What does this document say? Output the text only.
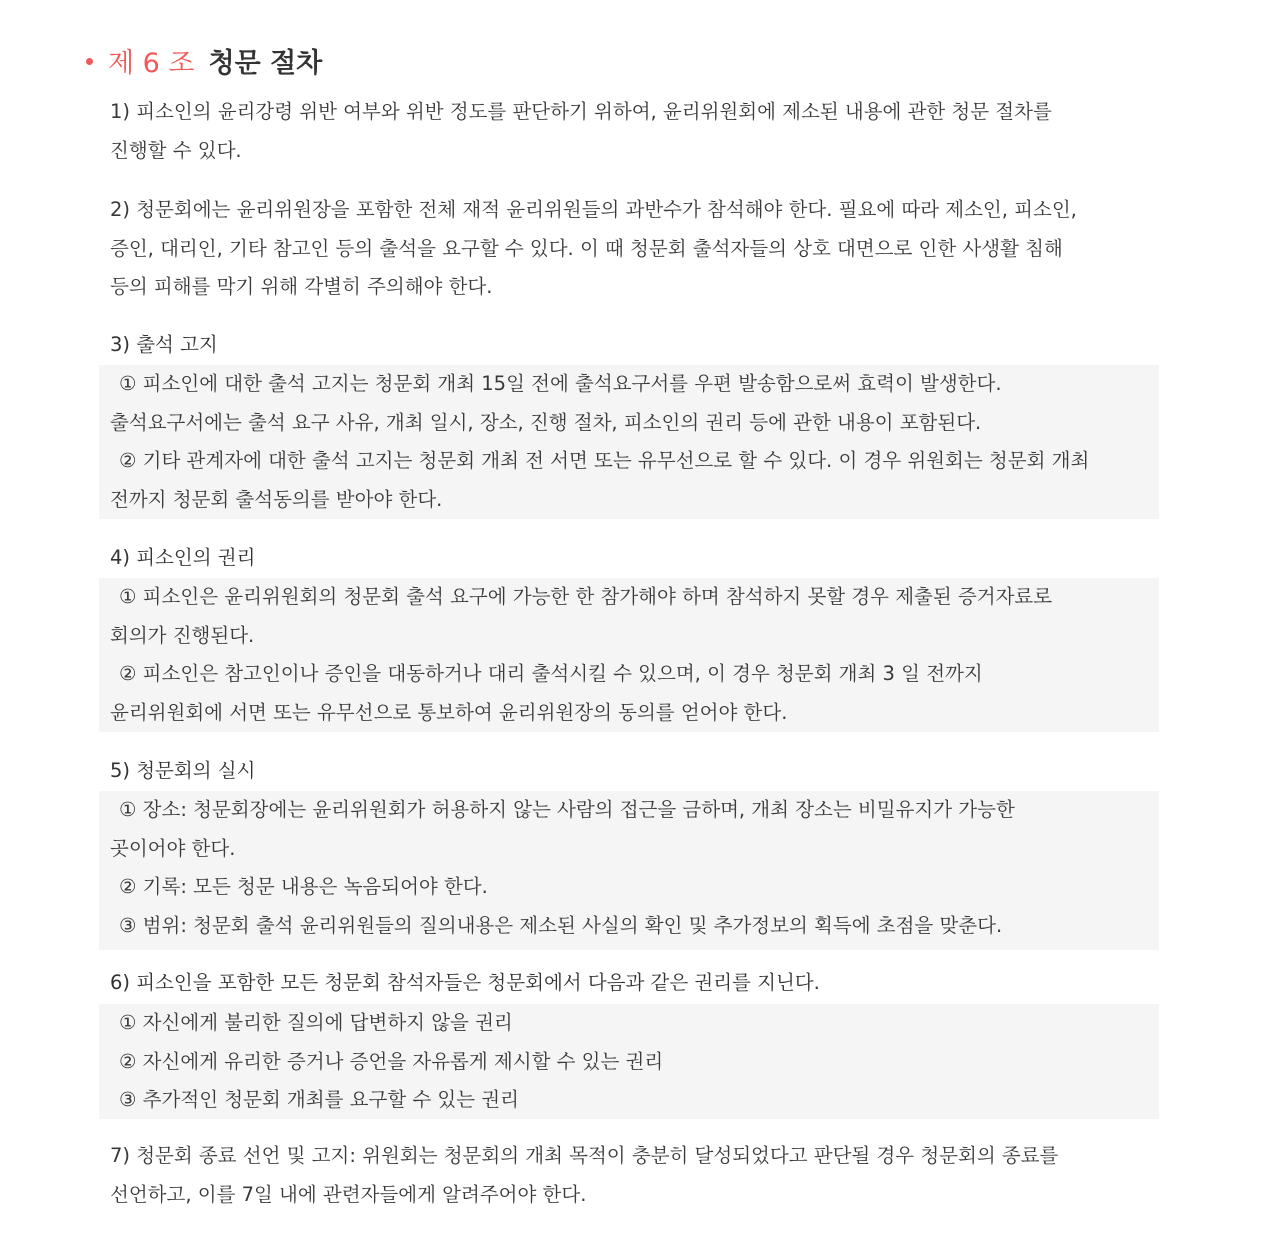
제 6 조 청문 절차
1) 피소인의 윤리강령 위반 여부와 위반 정도를 판단하기 위하여, 윤리위원회에 제소된 내용에 관한 청문 절차를
진행할 수 있다.
2) 청문회에는 윤리위원장을 포함한 전체 재적 윤리위원들의 과반수가 참석해야 한다. 필요에 따라 제소인, 피소인,
증인, 대리인, 기타 참고인 등의 출석을 요구할 수 있다. 이 때 청문회 출석자들의 상호 대면으로 인한 사생활 침해
등의 피해를 막기 위해 각별히 주의해야 한다.
3) 출석 고지
① 피소인에 대한 출석 고지는 청문회 개최 15일 전에 출석요구서를 우편 발송함으로써 효력이 발생한다.
출석요구서에는 출석 요구 사유, 개최 일시, 장소, 진행 절차, 피소인의 권리 등에 관한 내용이 포함된다.
② 기타 관계자에 대한 출석 고지는 청문회 개최 전 서면 또는 유무선으로 할 수 있다. 이 경우 위원회는 청문회 개최
전까지 청문회 출석동의를 받아야 한다.
4) 피소인의 권리
① 피소인은 윤리위원회의 청문회 출석 요구에 가능한 한 참가해야 하며 참석하지 못할 경우 제출된 증거자료로
회의가 진행된다.
② 피소인은 참고인이나 증인을 대동하거나 대리 출석시킬 수 있으며, 이 경우 청문회 개최 3 일 전까지
윤리위원회에 서면 또는 유무선으로 통보하여 윤리위원장의 동의를 얻어야 한다.
5) 청문회의 실시
① 장소: 청문회장에는 윤리위원회가 허용하지 않는 사람의 접근을 금하며, 개최 장소는 비밀유지가 가능한
곳이어야 한다.
② 기록: 모든 청문 내용은 녹음되어야 한다.
③ 범위: 청문회 출석 윤리위원들의 질의내용은 제소된 사실의 확인 및 추가정보의 획득에 초점을 맞춘다.
6) 피소인을 포함한 모든 청문회 참석자들은 청문회에서 다음과 같은 권리를 지닌다.
① 자신에게 불리한 질의에 답변하지 않을 권리
② 자신에게 유리한 증거나 증언을 자유롭게 제시할 수 있는 권리
③ 추가적인 청문회 개최를 요구할 수 있는 권리
7) 청문회 종료 선언 및 고지: 위원회는 청문회의 개최 목적이 충분히 달성되었다고 판단될 경우 청문회의 종료를
선언하고, 이를 7일 내에 관련자들에게 알려주어야 한다.
